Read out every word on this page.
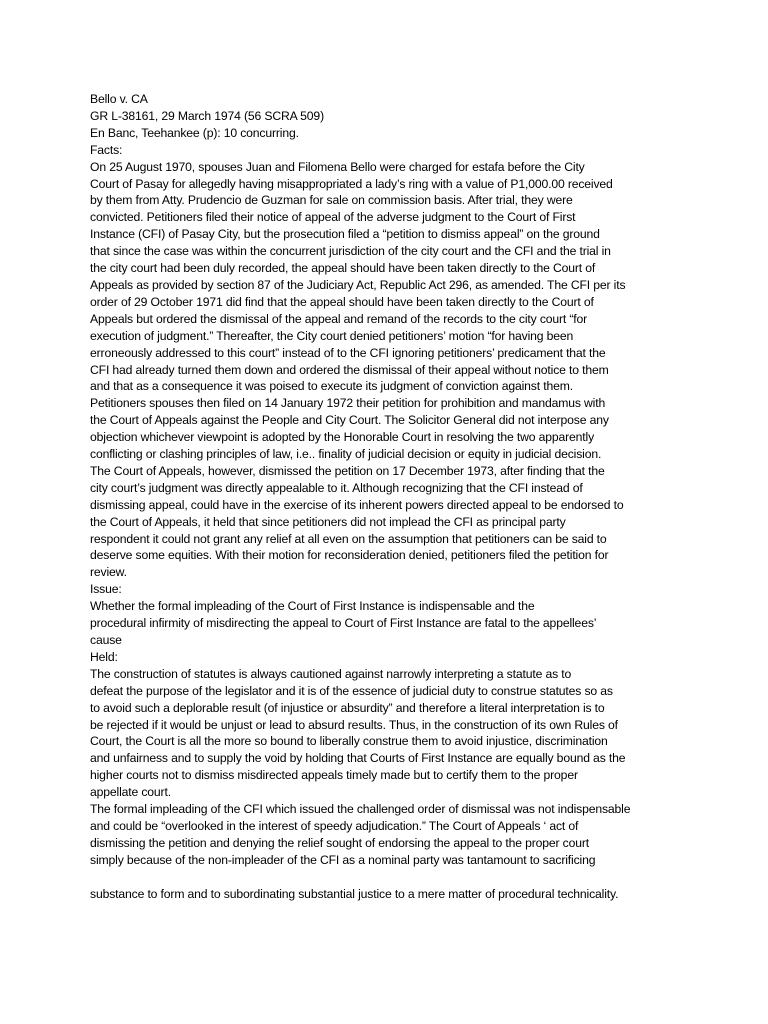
Bello v. CA
GR L-38161, 29 March 1974 (56 SCRA 509)
En Banc, Teehankee (p): 10 concurring.
Facts:
On 25 August 1970, spouses Juan and Filomena Bello were charged for estafa before the City
Court of Pasay for allegedly having misappropriated a lady’s ring with a value of P1,000.00 received
by them from Atty. Prudencio de Guzman for sale on commission basis. After trial, they were
convicted. Petitioners filed their notice of appeal of the adverse judgment to the Court of First
Instance (CFI) of Pasay City, but the prosecution filed a “petition to dismiss appeal” on the ground
that since the case was within the concurrent jurisdiction of the city court and the CFI and the trial in
the city court had been duly recorded, the appeal should have been taken directly to the Court of
Appeals as provided by section 87 of the Judiciary Act, Republic Act 296, as amended. The CFI per its
order of 29 October 1971 did find that the appeal should have been taken directly to the Court of
Appeals but ordered the dismissal of the appeal and remand of the records to the city court “for
execution of judgment.” Thereafter, the City court denied petitioners’ motion “for having been
erroneously addressed to this court” instead of to the CFI ignoring petitioners’ predicament that the
CFI had already turned them down and ordered the dismissal of their appeal without notice to them
and that as a consequence it was poised to execute its judgment of conviction against them.
Petitioners spouses then filed on 14 January 1972 their petition for prohibition and mandamus with
the Court of Appeals against the People and City Court. The Solicitor General did not interpose any
objection whichever viewpoint is adopted by the Honorable Court in resolving the two apparently
conflicting or clashing principles of law, i.e.. finality of judicial decision or equity in judicial decision.
The Court of Appeals, however, dismissed the petition on 17 December 1973, after finding that the
city court’s judgment was directly appealable to it. Although recognizing that the CFI instead of
dismissing appeal, could have in the exercise of its inherent powers directed appeal to be endorsed to
the Court of Appeals, it held that since petitioners did not implead the CFI as principal party
respondent it could not grant any relief at all even on the assumption that petitioners can be said to
deserve some equities. With their motion for reconsideration denied, petitioners filed the petition for
review.
Issue:
Whether the formal impleading of the Court of First Instance is indispensable and the
procedural infirmity of misdirecting the appeal to Court of First Instance are fatal to the appellees’
cause
Held:
The construction of statutes is always cautioned against narrowly interpreting a statute as to
defeat the purpose of the legislator and it is of the essence of judicial duty to construe statutes so as
to avoid such a deplorable result (of injustice or absurdity” and therefore a literal interpretation is to
be rejected if it would be unjust or lead to absurd results. Thus, in the construction of its own Rules of
Court, the Court is all the more so bound to liberally construe them to avoid injustice, discrimination
and unfairness and to supply the void by holding that Courts of First Instance are equally bound as the
higher courts not to dismiss misdirected appeals timely made but to certify them to the proper
appellate court.
The formal impleading of the CFI which issued the challenged order of dismissal was not indispensable
and could be “overlooked in the interest of speedy adjudication.” The Court of Appeals ‘ act of
dismissing the petition and denying the relief sought of endorsing the appeal to the proper court
simply because of the non-impleader of the CFI as a nominal party was tantamount to sacrificing
substance to form and to subordinating substantial justice to a mere matter of procedural technicality.
